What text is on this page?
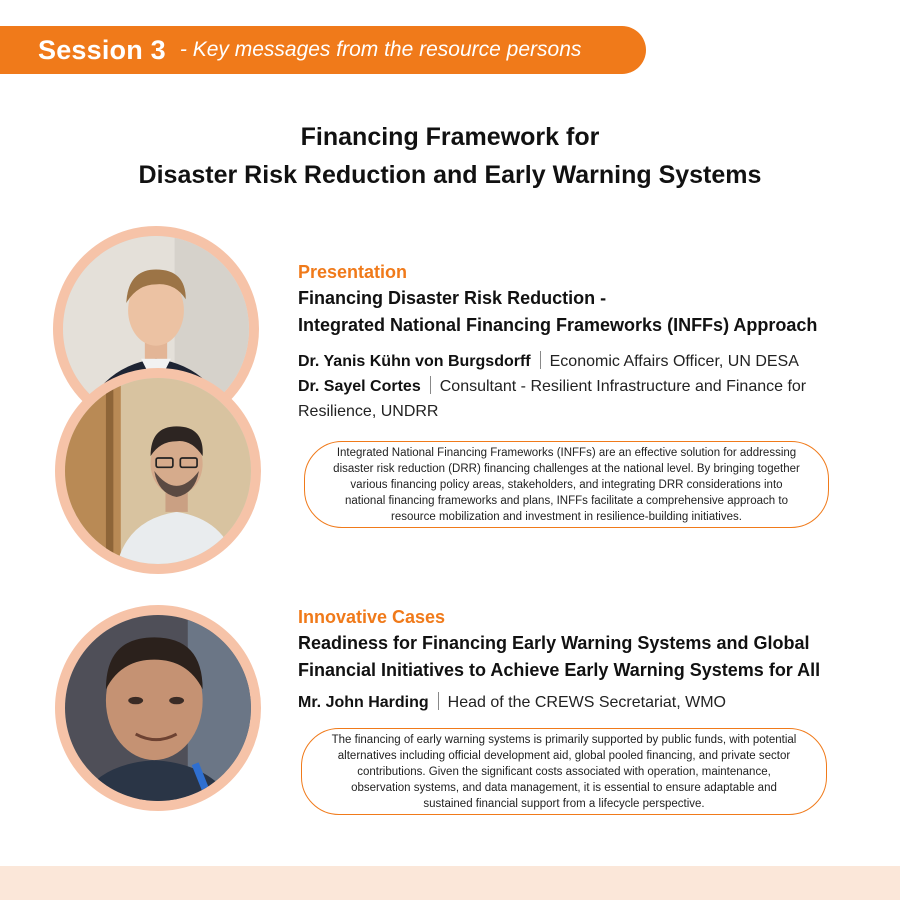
Session 3 - Key messages from the resource persons
Financing Framework for
Disaster Risk Reduction and Early Warning Systems
Presentation
Financing Disaster Risk Reduction -
Integrated National Financing Frameworks (INFFs) Approach
Dr. Yanis Kühn von Burgsdorff Economic Affairs Officer, UN DESA
Dr. Sayel Cortes Consultant - Resilient Infrastructure and Finance for Resilience, UNDRR
Integrated National Financing Frameworks (INFFs) are an effective solution for addressing disaster risk reduction (DRR) financing challenges at the national level. By bringing together various financing policy areas, stakeholders, and integrating DRR considerations into national financing frameworks and plans, INFFs facilitate a comprehensive approach to resource mobilization and investment in resilience-building initiatives.
Innovative Cases
Readiness for Financing Early Warning Systems and Global
Financial Initiatives to Achieve Early Warning Systems for All
Mr. John Harding Head of the CREWS Secretariat, WMO
The financing of early warning systems is primarily supported by public funds, with potential alternatives including official development aid, global pooled financing, and private sector contributions. Given the significant costs associated with operation, maintenance, observation systems, and data management, it is essential to ensure adaptable and sustained financial support from a lifecycle perspective.
